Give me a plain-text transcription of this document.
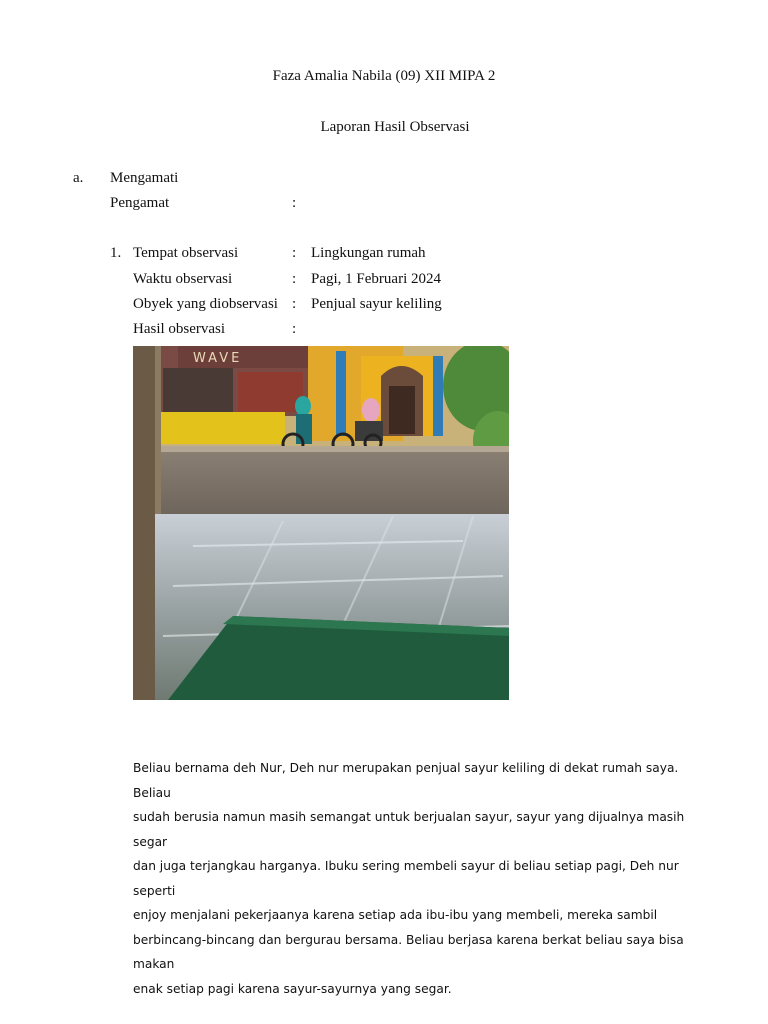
Faza Amalia Nabila (09) XII MIPA 2
Laporan Hasil Observasi
a. Mengamati
Pengamat	:
1. Tempat observasi	: Lingkungan rumah
Waktu observasi	: Pagi, 1 Februari 2024
Obyek yang diobservasi : Penjual sayur keliling
Hasil observasi	:
WAVE
Beliau bernama deh Nur, Deh nur merupakan penjual sayur keliling di dekat rumah saya. Beliau
sudah berusia namun masih semangat untuk berjualan sayur, sayur yang dijualnya masih segar
dan juga terjangkau harganya. Ibuku sering membeli sayur di beliau setiap pagi, Deh nur seperti
enjoy menjalani pekerjaanya karena setiap ada ibu-ibu yang membeli, mereka sambil
berbincang-bincang dan bergurau bersama. Beliau berjasa karena berkat beliau saya bisa makan
enak setiap pagi karena sayur-sayurnya yang segar.
